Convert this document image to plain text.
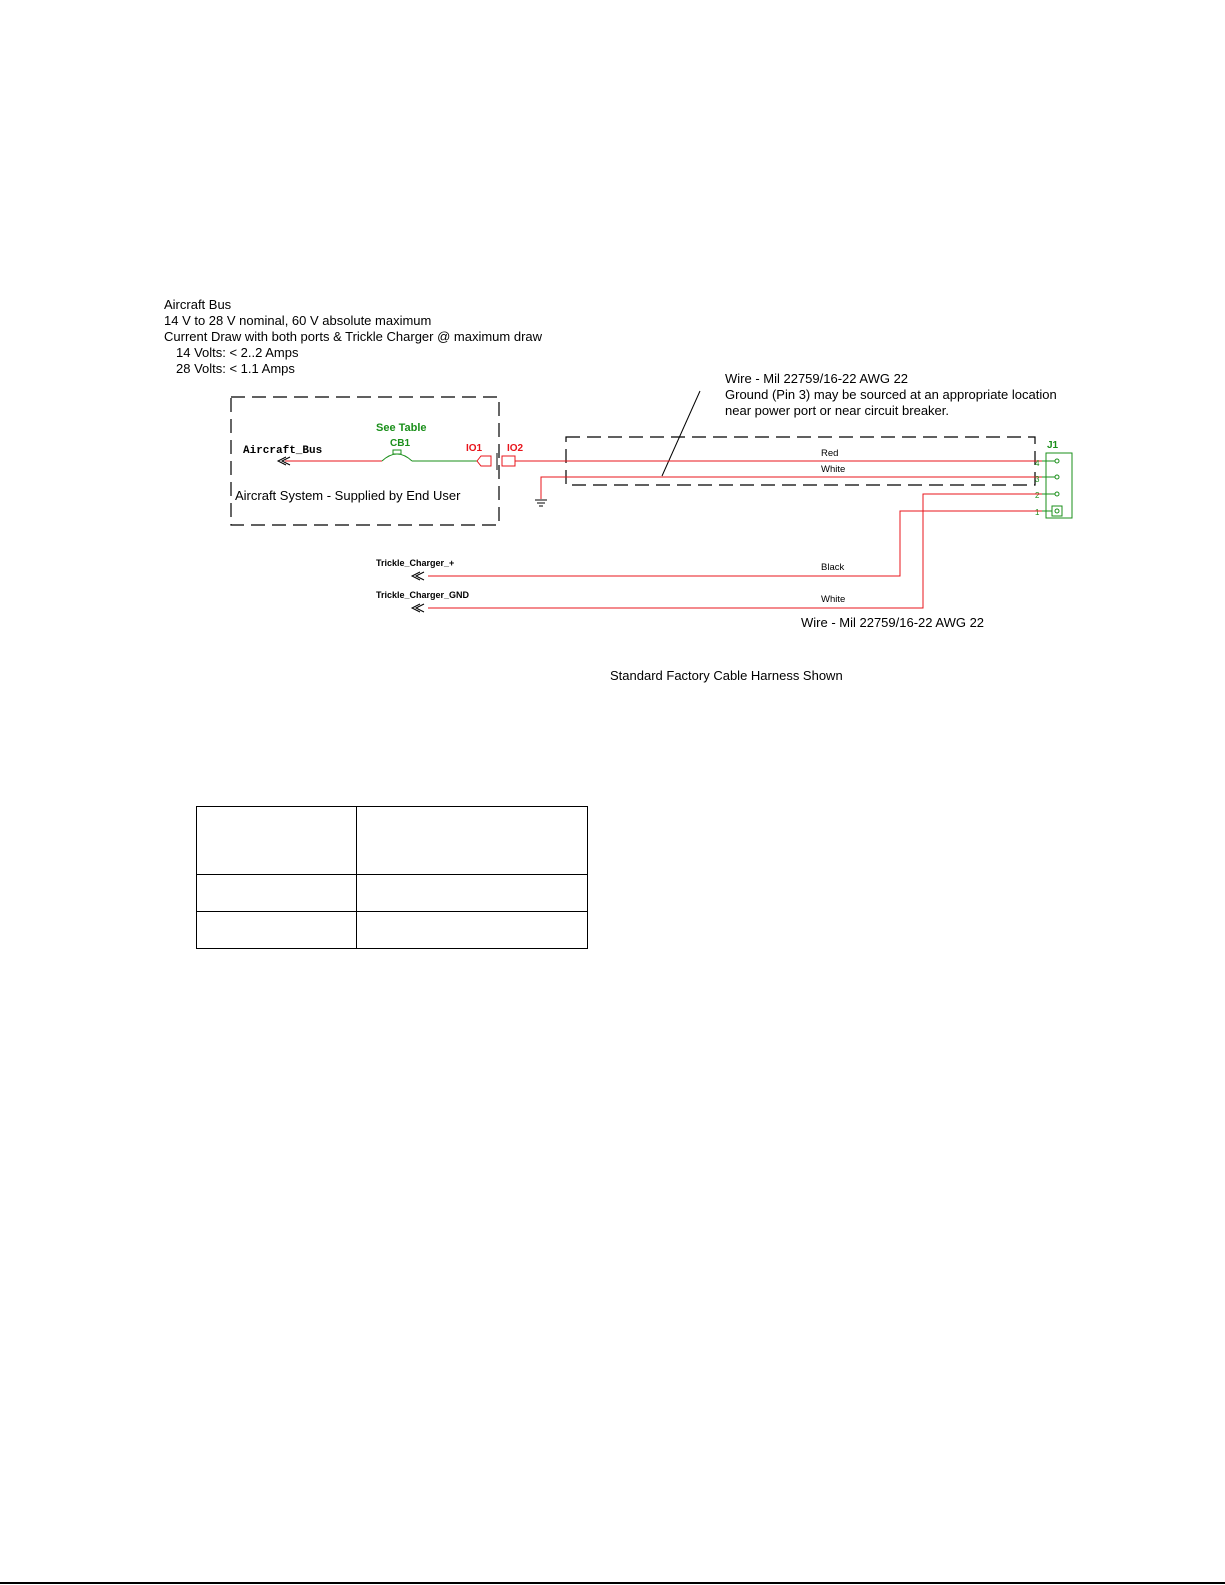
Aircraft Bus
14 V to 28 V nominal, 60 V absolute maximum
Current Draw with both ports & Trickle Charger @ maximum draw
14 Volts: < 2..2 Amps
28 Volts: < 1.1 Amps
Wire - Mil 22759/16-22 AWG 22
Ground (Pin 3) may be sourced at an appropriate location
near power port or near circuit breaker.
Aircraft System - Supplied by End User
Aircraft_Bus
See Table
CB1	IO1 IO2	Red
White
J1
4
3
2
1
Black
Trickle_Charger_+
White
Trickle_Charger_GND
Wire - Mil 22759/16-22 AWG 22
Standard Factory Cable Harness Shown
